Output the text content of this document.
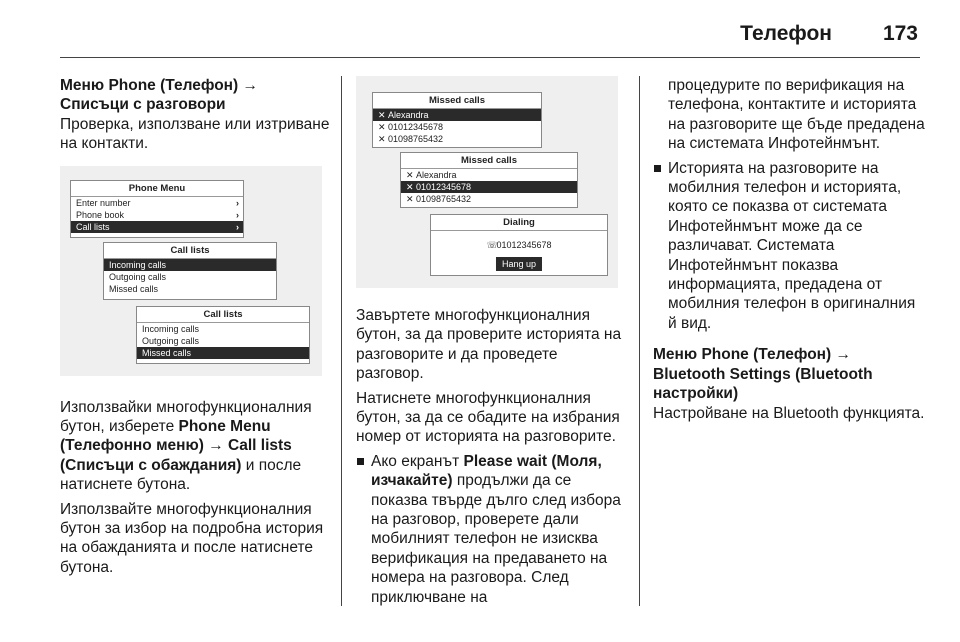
Телефон 173
Меню Phone (Телефон) → Списъци с разговори
Проверка, използване или изтриване на контакти.
Phone Menu
Enter number	›
Phone book	›
Call lists	›
Call lists
Incoming calls
Outgoing calls
Missed calls
Call lists
Incoming calls
Outgoing calls
Missed calls
Използвайки многофункционалния бутон, изберете Phone Menu (Телефонно меню) → Call lists (Списъци с обаждания) и после натиснете бутона.
Използвайте многофункционалния бутон за избор на подробна история на обажданията и после натиснете бутона.
Missed calls
✕ Alexandra
✕ 01012345678
✕ 01098765432
Missed calls
✕ Alexandra
✕ 01012345678
✕ 01098765432
Dialing
☏01012345678
Hang up
Завъртете многофункционалния бутон, за да проверите историята на разговорите и да проведете разговор.
Натиснете многофункционалния бутон, за да се обадите на избрания номер от историята на разговорите.
Ако екранът Please wait (Моля, изчакайте) продължи да се показва твърде дълго след избора на разговор, проверете дали мобилният телефон не изисква верификация на предаването на номера на разговора. След приключване на
процедурите по верификация на телефона, контактите и историята на разговорите ще бъде предадена на системата Инфотейнмънт.
Историята на разговорите на мобилния телефон и историята, която се показва от системата Инфотейнмънт може да се различават. Системата Инфотейнмънт показва информацията, предадена от мобилния телефон в оригиналния й вид.
Меню Phone (Телефон) → Bluetooth Settings (Bluetooth настройки)
Настройване на Bluetooth функцията.
